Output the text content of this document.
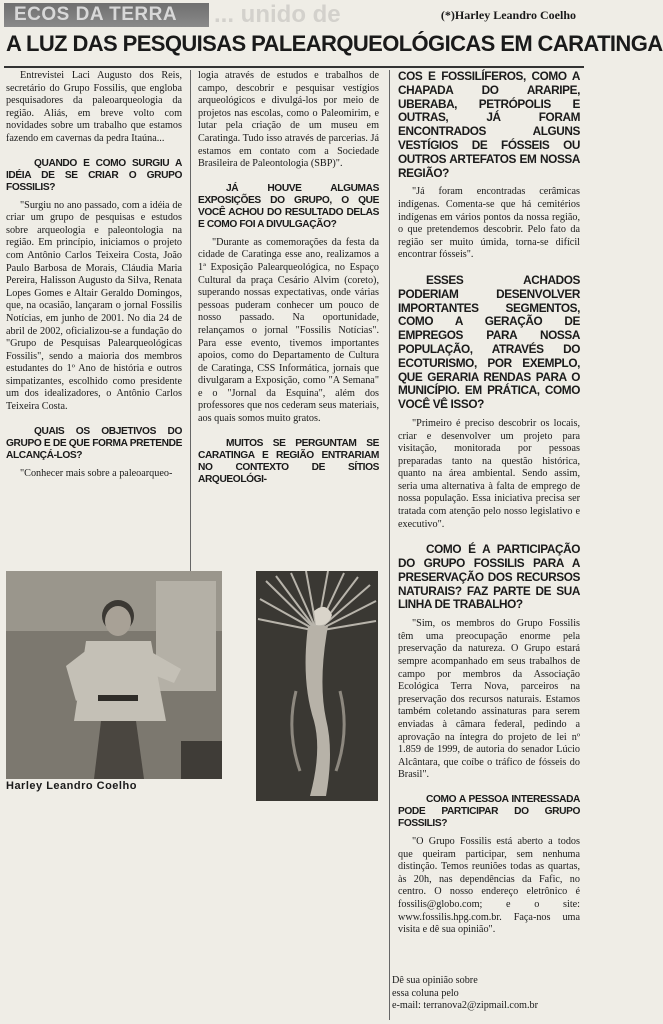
ECOS DA TERRA ... unido de	(*)Harley Leandro Coelho
A LUZ DAS PESQUISAS PALEARQUEOLÓGICAS EM CARATINGA

Entrevistei Laci Augusto dos Reis, secretário do Grupo Fossilis, que engloba pesquisadores da paleoarqueologia da região. Aliás, em breve volto com novidades sobre um trabalho que estamos fazendo em cavernas da pedra Itaúna...

QUANDO E COMO SURGIU A IDÉIA DE SE CRIAR O GRUPO FOSSILIS?

"Surgiu no ano passado, com a idéia de criar um grupo de pesquisas e estudos sobre arqueologia e paleontologia na região. Em princípio, iniciamos o projeto com Antônio Carlos Teixeira Costa, João Paulo Barbosa de Morais, Cláudia Maria Pereira, Halisson Augusto da Silva, Renata Lopes Gomes e Altair Geraldo Domingos, que, na ocasião, lançaram o jornal Fossilis Notícias, em junho de 2001. No dia 24 de abril de 2002, oficializou-se a fundação do "Grupo de Pesquisas Palearqueológicas Fossilis", sendo a maioria dos membros estudantes do 1º Ano de história e outros simpatizantes, escolhido como presidente um dos idealizadores, o Antônio Carlos Teixeira Costa.

QUAIS OS OBJETIVOS DO GRUPO E DE QUE FORMA PRETENDE ALCANÇÁ-LOS?

"Conhecer mais sobre a paleoarqueo-

logia através de estudos e trabalhos de campo, descobrir e pesquisar vestígios arqueológicos e divulgá-los por meio de projetos nas escolas, como o Paleomirim, e lutar pela criação de um museu em Caratinga. Tudo isso através de parcerias. Já estamos em contato com a Sociedade Brasileira de Paleontologia (SBP)".

JÁ HOUVE ALGUMAS EXPOSIÇÕES DO GRUPO, O QUE VOCÊ ACHOU DO RESULTADO DELAS E COMO FOI A DIVULGAÇÃO?

"Durante as comemorações da festa da cidade de Caratinga esse ano, realizamos a 1ª Exposição Palearqueológica, no Espaço Cultural da praça Cesário Alvim (coreto), superando nossas expectativas, onde várias pessoas puderam conhecer um pouco de nosso passado. Na oportunidade, relançamos o jornal "Fossilis Notícias". Para esse evento, tivemos importantes apoios, como do Departamento de Cultura de Caratinga, CSS Informática, jornais que divulgaram a Exposição, como "A Semana" e o "Jornal da Esquina", além dos professores que nos cederam seus materiais, aos quais somos muito gratos.

MUITOS SE PERGUNTAM SE CARATINGA E REGIÃO ENTRARIAM NO CONTEXTO DE SÍTIOS ARQUEOLÓGI-
COS E FOSSILÍFEROS, COMO A CHAPADA DO ARARIPE, UBERABA, PETRÓPOLIS E OUTRAS, JÁ FORAM ENCONTRADOS ALGUNS VESTÍGIOS DE FÓSSEIS OU OUTROS ARTEFATOS EM NOSSA REGIÃO?

"Já foram encontradas cerâmicas indígenas. Comenta-se que há cemitérios indígenas em vários pontos da nossa região, o que pretendemos descobrir. Pelo fato da região ser muito úmida, torna-se difícil encontrar fósseis".

ESSES ACHADOS PODERIAM DESENVOLVER IMPORTANTES SEGMENTOS, COMO A GERAÇÃO DE EMPREGOS PARA NOSSA POPULAÇÃO, ATRAVÉS DO ECOTURISMO, POR EXEMPLO, QUE GERARIA RENDAS PARA O MUNICÍPIO. EM PRÁTICA, COMO VOCÊ VÊ ISSO?

"Primeiro é preciso descobrir os locais, criar e desenvolver um projeto para visitação, monitorada por pessoas preparadas tanto na questão histórica, quanto na área ambiental. Sendo assim, seria uma alternativa à falta de emprego de nossa população. Essa iniciativa precisa ser tratada com atenção pelo nosso legislativo e executivo".

COMO É A PARTICIPAÇÃO DO GRUPO FOSSILIS PARA A PRESERVAÇÃO DOS RECURSOS NATURAIS? FAZ PARTE DE SUA LINHA DE TRABALHO?

"Sim, os membros do Grupo Fossilis têm uma preocupação enorme pela preservação da natureza. O Grupo estará sempre acompanhado em seus trabalhos de campo por membros da Associação Ecológica Terra Nova, parceiros na preservação dos recursos naturais. Estamos também coletando assinaturas para serem enviadas à câmara federal, pedindo a aprovação na íntegra do projeto de lei nº 1.859 de 1999, de autoria do senador Lúcio Alcântara, que coíbe o tráfico de fósseis do Brasil".

COMO A PESSOA INTERESSADA PODE PARTICIPAR DO GRUPO FOSSILIS?

"O Grupo Fossilis está aberto a todos que queiram participar, sem nenhuma distinção. Temos reuniões todas as quartas, às 20h, nas dependências da Fafic, no centro. O nosso endereço eletrônico é fossilis@globo.com; e o site: www.fossilis.hpg.com.br. Faça-nos uma visita e dê sua opinião".

Harley Leandro Coelho
Dê sua opinião sobre
essa coluna pelo
e-mail: terranova2@zipmail.com.br
